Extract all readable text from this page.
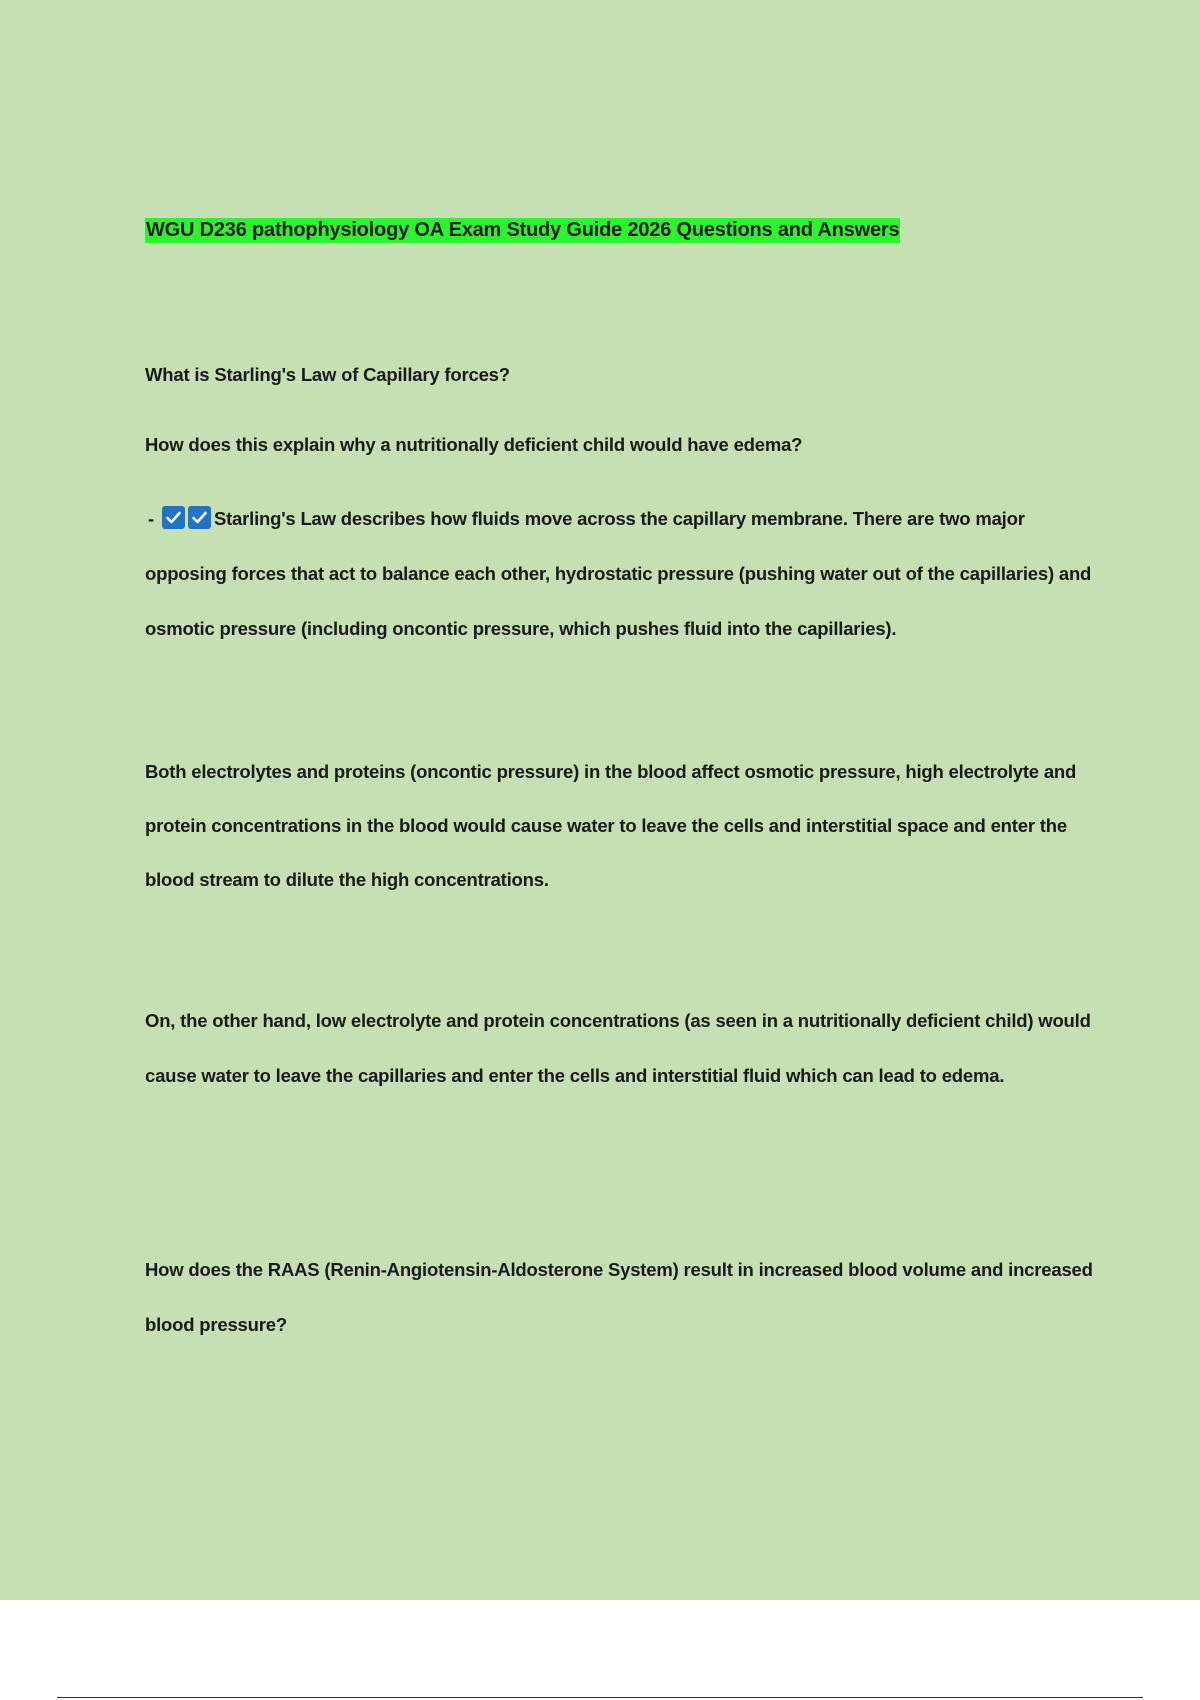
WGU D236 pathophysiology OA Exam Study Guide 2026 Questions and Answers

What is Starling's Law of Capillary forces?

How does this explain why a nutritionally deficient child would have edema?

-	Starling's Law describes how fluids move across the capillary membrane. There are two major opposing forces that act to balance each other, hydrostatic pressure (pushing water out of the capillaries) and osmotic pressure (including oncontic pressure, which pushes fluid into the capillaries).

Both electrolytes and proteins (oncontic pressure) in the blood affect osmotic pressure, high electrolyte and protein concentrations in the blood would cause water to leave the cells and interstitial space and enter the blood stream to dilute the high concentrations.

On, the other hand, low electrolyte and protein concentrations (as seen in a nutritionally deficient child) would cause water to leave the capillaries and enter the cells and interstitial fluid which can lead to edema.

How does the RAAS (Renin-Angiotensin-Aldosterone System) result in increased blood volume and increased blood pressure?
